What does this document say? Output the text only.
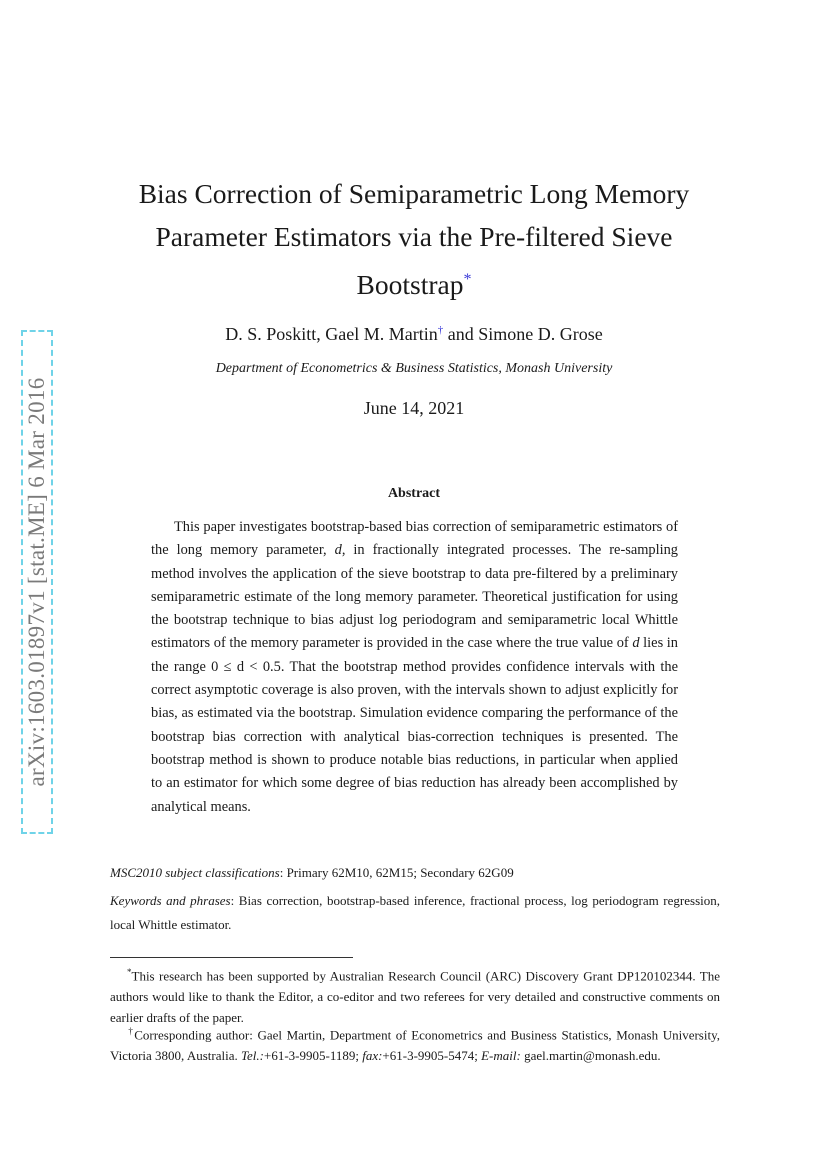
arXiv:1603.01897v1 [stat.ME] 6 Mar 2016
Bias Correction of Semiparametric Long Memory Parameter Estimators via the Pre-filtered Sieve Bootstrap*
D. S. Poskitt, Gael M. Martin† and Simone D. Grose
Department of Econometrics & Business Statistics, Monash University
June 14, 2021
Abstract
This paper investigates bootstrap-based bias correction of semiparametric estimators of the long memory parameter, d, in fractionally integrated processes. The re-sampling method involves the application of the sieve bootstrap to data pre-filtered by a preliminary semiparametric estimate of the long memory parameter. Theoretical justification for using the bootstrap technique to bias adjust log periodogram and semiparametric local Whittle estimators of the memory parameter is provided in the case where the true value of d lies in the range 0 ≤ d < 0.5. That the bootstrap method provides confidence intervals with the correct asymptotic coverage is also proven, with the intervals shown to adjust explicitly for bias, as estimated via the bootstrap. Simulation evidence comparing the performance of the bootstrap bias correction with analytical bias-correction techniques is presented. The bootstrap method is shown to produce notable bias reductions, in particular when applied to an estimator for which some degree of bias reduction has already been accomplished by analytical means.
MSC2010 subject classifications: Primary 62M10, 62M15; Secondary 62G09
Keywords and phrases: Bias correction, bootstrap-based inference, fractional process, log periodogram regression, local Whittle estimator.
*This research has been supported by Australian Research Council (ARC) Discovery Grant DP120102344. The authors would like to thank the Editor, a co-editor and two referees for very detailed and constructive comments on earlier drafts of the paper.
†Corresponding author: Gael Martin, Department of Econometrics and Business Statistics, Monash University, Victoria 3800, Australia. Tel.:+61-3-9905-1189; fax:+61-3-9905-5474; E-mail: gael.martin@monash.edu.
